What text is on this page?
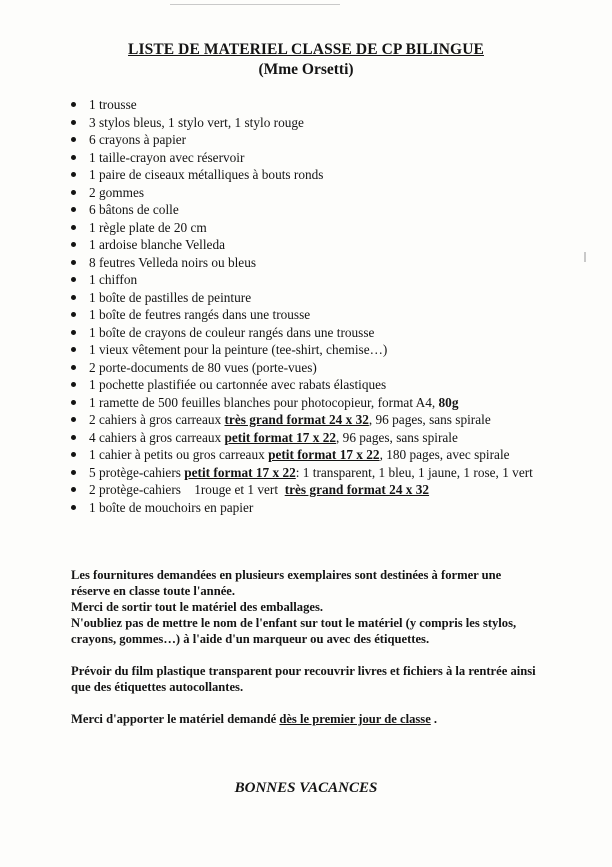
LISTE DE MATERIEL CLASSE DE CP BILINGUE
(Mme Orsetti)
1 trousse
3 stylos bleus, 1 stylo vert, 1 stylo rouge
6 crayons à papier
1 taille-crayon avec réservoir
1 paire de ciseaux métalliques à bouts ronds
2 gommes
6 bâtons de colle
1 règle plate de 20 cm
1 ardoise blanche Velleda
8 feutres Velleda noirs ou bleus
1 chiffon
1 boîte de pastilles de peinture
1 boîte de feutres rangés dans une trousse
1 boîte de crayons de couleur rangés dans une trousse
1 vieux vêtement pour la peinture (tee-shirt, chemise…)
2 porte-documents de 80 vues (porte-vues)
1 pochette plastifiée ou cartonnée avec rabats élastiques
1 ramette de 500 feuilles blanches pour photocopieur, format A4, 80g
2 cahiers à gros carreaux très grand format 24 x 32, 96 pages, sans spirale
4 cahiers à gros carreaux petit format 17 x 22, 96 pages, sans spirale
1 cahier à petits ou gros carreaux petit format 17 x 22, 180 pages, avec spirale
5 protège-cahiers petit format 17 x 22: 1 transparent, 1 bleu, 1 jaune, 1 rose, 1 vert
2 protège-cahiers    1rouge et 1 vert  très grand format 24 x 32
1 boîte de mouchoirs en papier

Les fournitures demandées en plusieurs exemplaires sont destinées à former une réserve en classe toute l'année.

Merci de sortir tout le matériel des emballages.

N'oubliez pas de mettre le nom de l'enfant sur tout le matériel (y compris les stylos, crayons, gommes…) à l'aide d'un marqueur ou avec des étiquettes.

Prévoir du film plastique transparent pour recouvrir livres et fichiers à la rentrée ainsi que des étiquettes autocollantes.

Merci d'apporter le matériel demandé dès le premier jour de classe .

BONNES VACANCES
